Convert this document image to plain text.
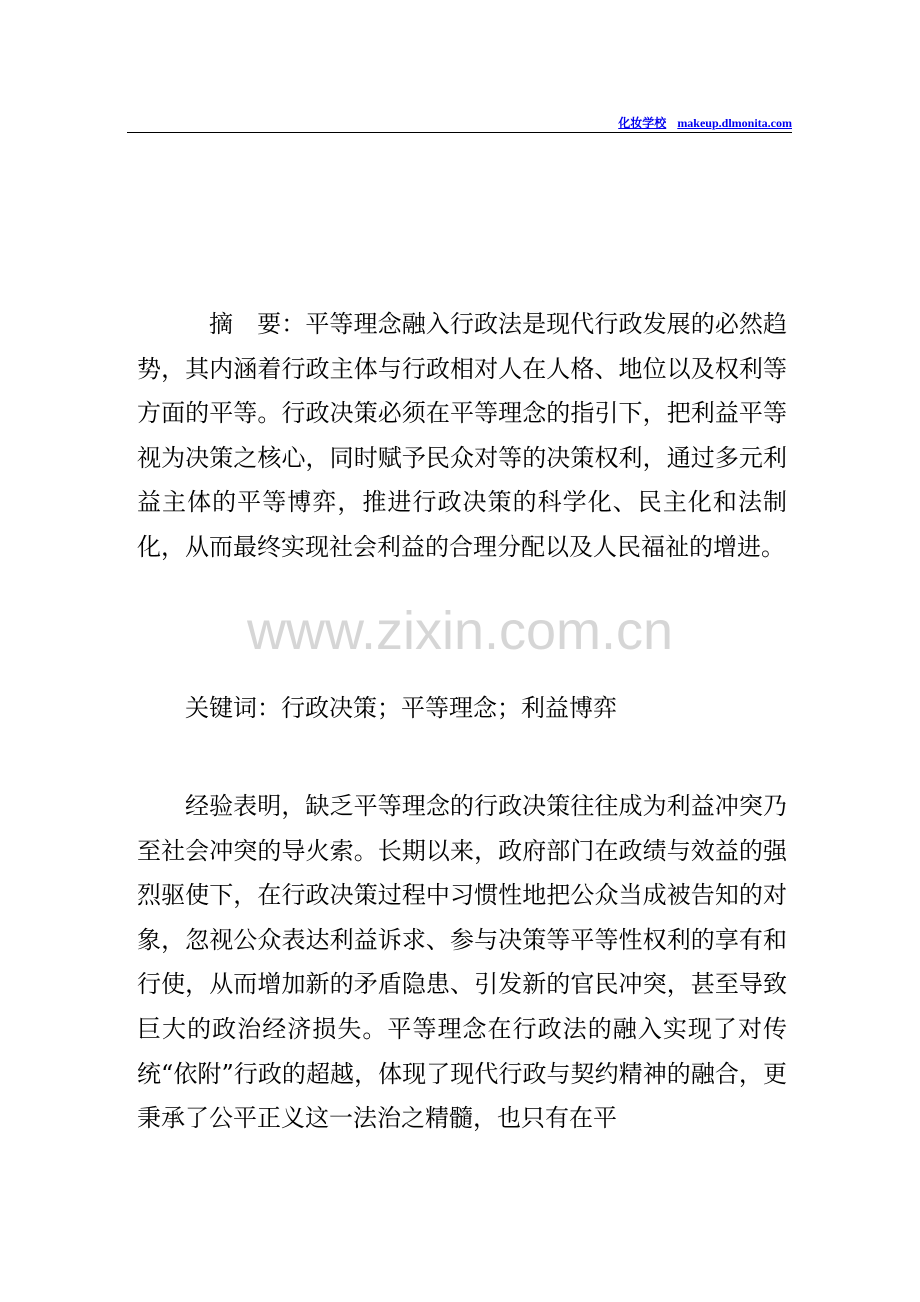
化妆学校 makeup.dlmonita.com

摘　要：平等理念融入行政法是现代行政发展的必然趋势，其内涵着行政主体与行政相对人在人格、地位以及权利等方面的平等。行政决策必须在平等理念的指引下，把利益平等视为决策之核心，同时赋予民众对等的决策权利，通过多元利益主体的平等博弈，推进行政决策的科学化、民主化和法制化，从而最终实现社会利益的合理分配以及人民福祉的增进。

www.zixin.com.cn

关键词：行政决策；平等理念；利益博弈

经验表明，缺乏平等理念的行政决策往往成为利益冲突乃至社会冲突的导火索。长期以来，政府部门在政绩与效益的强烈驱使下，在行政决策过程中习惯性地把公众当成被告知的对象，忽视公众表达利益诉求、参与决策等平等性权利的享有和行使，从而增加新的矛盾隐患、引发新的官民冲突，甚至导致巨大的政治经济损失。平等理念在行政法的融入实现了对传统“依附”行政的超越，体现了现代行政与契约精神的融合，更秉承了公平正义这一法治之精髓，也只有在平
